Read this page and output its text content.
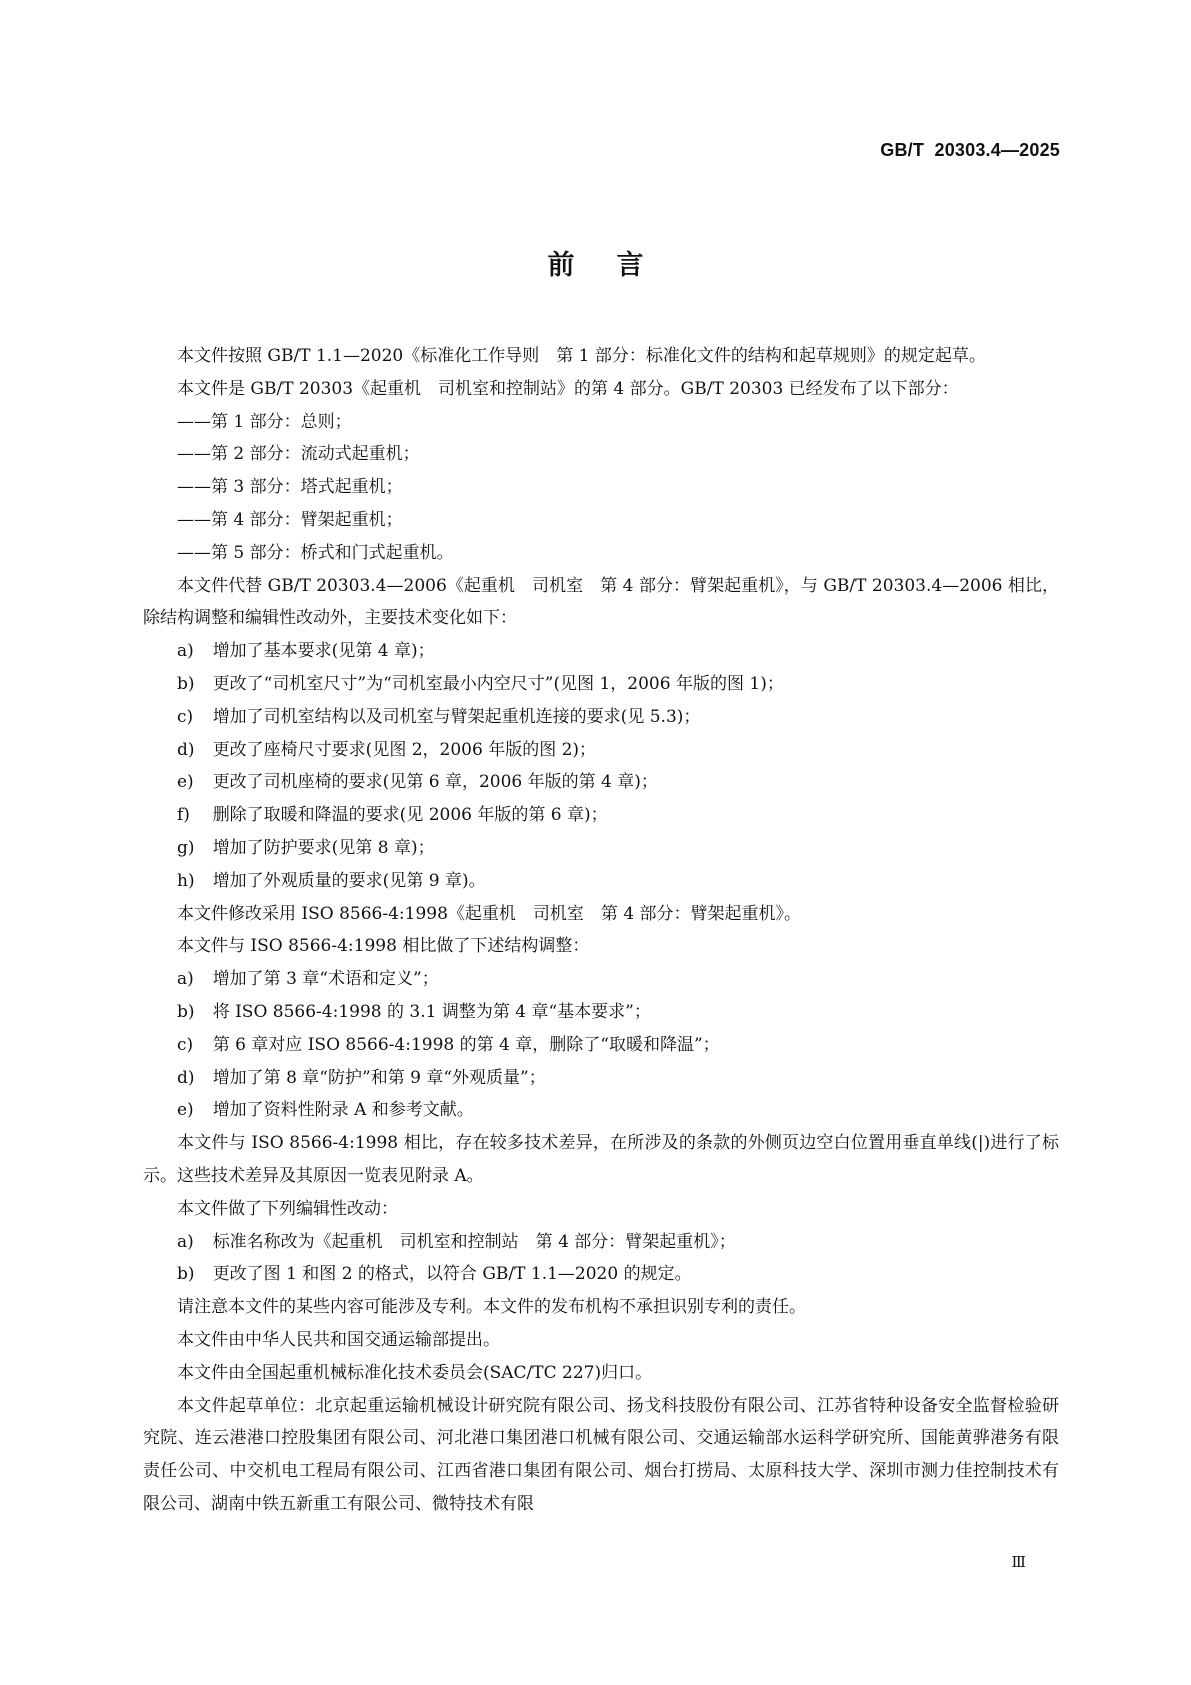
GB/T 20303.4—2025
前言

本文件按照 GB/T 1.1—2020《标准化工作导则　第 1 部分：标准化文件的结构和起草规则》的规定起草。

本文件是 GB/T 20303《起重机　司机室和控制站》的第 4 部分。GB/T 20303 已经发布了以下部分：

——第 1 部分：总则；

——第 2 部分：流动式起重机；

——第 3 部分：塔式起重机；

——第 4 部分：臂架起重机；

——第 5 部分：桥式和门式起重机。

本文件代替 GB/T 20303.4—2006《起重机　司机室　第 4 部分：臂架起重机》，与 GB/T 20303.4—2006 相比，除结构调整和编辑性改动外，主要技术变化如下：

a) 增加了基本要求(见第 4 章)；

b) 更改了“司机室尺寸”为“司机室最小内空尺寸”(见图 1，2006 年版的图 1)；

c) 增加了司机室结构以及司机室与臂架起重机连接的要求(见 5.3)；

d) 更改了座椅尺寸要求(见图 2，2006 年版的图 2)；

e) 更改了司机座椅的要求(见第 6 章，2006 年版的第 4 章)；

f) 删除了取暖和降温的要求(见 2006 年版的第 6 章)；

g) 增加了防护要求(见第 8 章)；

h) 增加了外观质量的要求(见第 9 章)。

本文件修改采用 ISO 8566-4:1998《起重机　司机室　第 4 部分：臂架起重机》。

本文件与 ISO 8566-4:1998 相比做了下述结构调整：

a) 增加了第 3 章“术语和定义”；

b) 将 ISO 8566-4:1998 的 3.1 调整为第 4 章“基本要求”；

c) 第 6 章对应 ISO 8566-4:1998 的第 4 章，删除了“取暖和降温”；

d) 增加了第 8 章“防护”和第 9 章“外观质量”；

e) 增加了资料性附录 A 和参考文献。

本文件与 ISO 8566-4:1998 相比，存在较多技术差异，在所涉及的条款的外侧页边空白位置用垂直单线(|)进行了标示。这些技术差异及其原因一览表见附录 A。

本文件做了下列编辑性改动：

a) 标准名称改为《起重机　司机室和控制站　第 4 部分：臂架起重机》；

b) 更改了图 1 和图 2 的格式，以符合 GB/T 1.1—2020 的规定。

请注意本文件的某些内容可能涉及专利。本文件的发布机构不承担识别专利的责任。

本文件由中华人民共和国交通运输部提出。

本文件由全国起重机械标准化技术委员会(SAC/TC 227)归口。

本文件起草单位：北京起重运输机械设计研究院有限公司、扬戈科技股份有限公司、江苏省特种设备安全监督检验研究院、连云港港口控股集团有限公司、河北港口集团港口机械有限公司、交通运输部水运科学研究所、国能黄骅港务有限责任公司、中交机电工程局有限公司、江西省港口集团有限公司、烟台打捞局、太原科技大学、深圳市测力佳控制技术有限公司、湖南中铁五新重工有限公司、微特技术有限

Ⅲ
